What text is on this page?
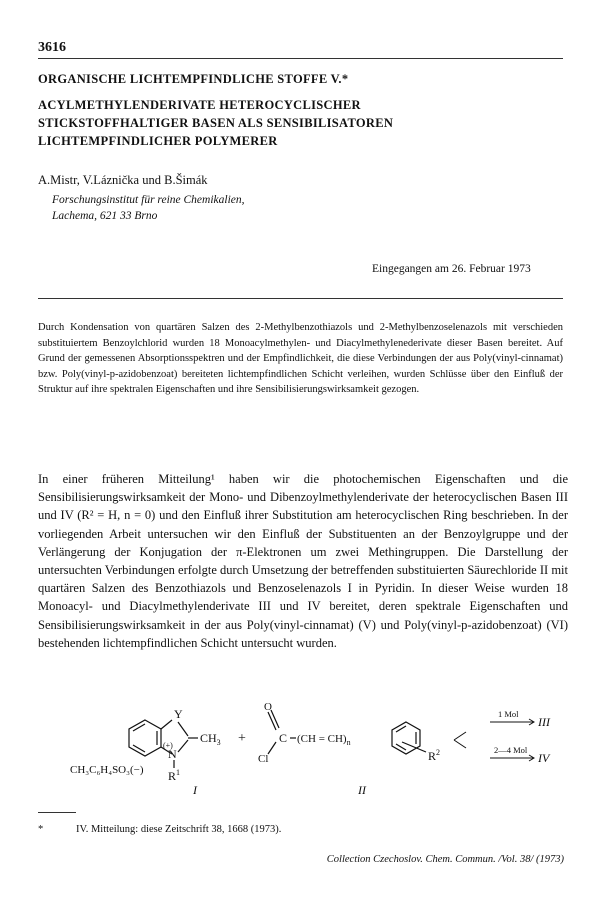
3616
ORGANISCHE LICHTEMPFINDLICHE STOFFE V.*
ACYLMETHYLENDERIVATE HETEROCYCLISCHER
STICKSTOFFHALTIGER BASEN ALS SENSIBILISATOREN
LICHTEMPFINDLICHER POLYMERER
A.Mistr, V.Láznička und B.Šimák
Forschungsinstitut für reine Chemikalien,
Lachema, 621 33 Brno
Eingegangen am 26. Februar 1973
Durch Kondensation von quartären Salzen des 2-Methylbenzothiazols und 2-Methylbenzoselenazols mit verschieden substituiertem Benzoylchlorid wurden 18 Monoacylmethylen- und Diacylmethylenederivate dieser Basen bereitet. Auf Grund der gemessenen Absorptionsspektren und der Empfindlichkeit, die diese Verbindungen der aus Poly(vinyl-cinnamat) bzw. Poly(vinyl-p-azidobenzoat) bereiteten lichtempfindlichen Schicht verleihen, wurden Schlüsse über den Einfluß der Struktur auf ihre spektralen Eigenschaften und ihre Sensibilisierungswirksamkeit gezogen.

In einer früheren Mitteilung¹ haben wir die photochemischen Eigenschaften und die Sensibilisierungswirksamkeit der Mono- und Dibenzoylmethylenderivate der heterocyclischen Basen III und IV (R² = H, n = 0) und den Einfluß ihrer Substitution am heterocyclischen Ring beschrieben. In der vorliegenden Arbeit untersuchen wir den Einfluß der Substituenten an der Benzoylgruppe und der Verlängerung der Konjugation der π-Elektronen um zwei Methingruppen. Die Darstellung der untersuchten Verbindungen erfolgte durch Umsetzung der betreffenden substituierten Säurechloride II mit quartären Salzen des Benzothiazols und Benzoselenazols I in Pyridin. In dieser Weise wurden 18 Monoacyl- und Diacylmethylenderivate III und IV bereitet, deren spektrale Eigenschaften und Sensibilisierungswirksamkeit in der aus Poly(vinyl-cinnamat) (V) und Poly(vinyl-p-azidobenzoat) (VI) bestehenden lichtempfindlichen Schicht untersucht wurden.

Y
N
(+)
$CH_3$
$R^1$
CH₃C₆H₄SO₃(−)
I
+
O
Cl
C $(CH = CH)_n$
$R^2$
II
1 Mol
2—4 Mol
III
IV
*	IV. Mitteilung: diese Zeitschrift 38, 1668 (1973).
Collection Czechoslov. Chem. Commun. /Vol. 38/ (1973)
